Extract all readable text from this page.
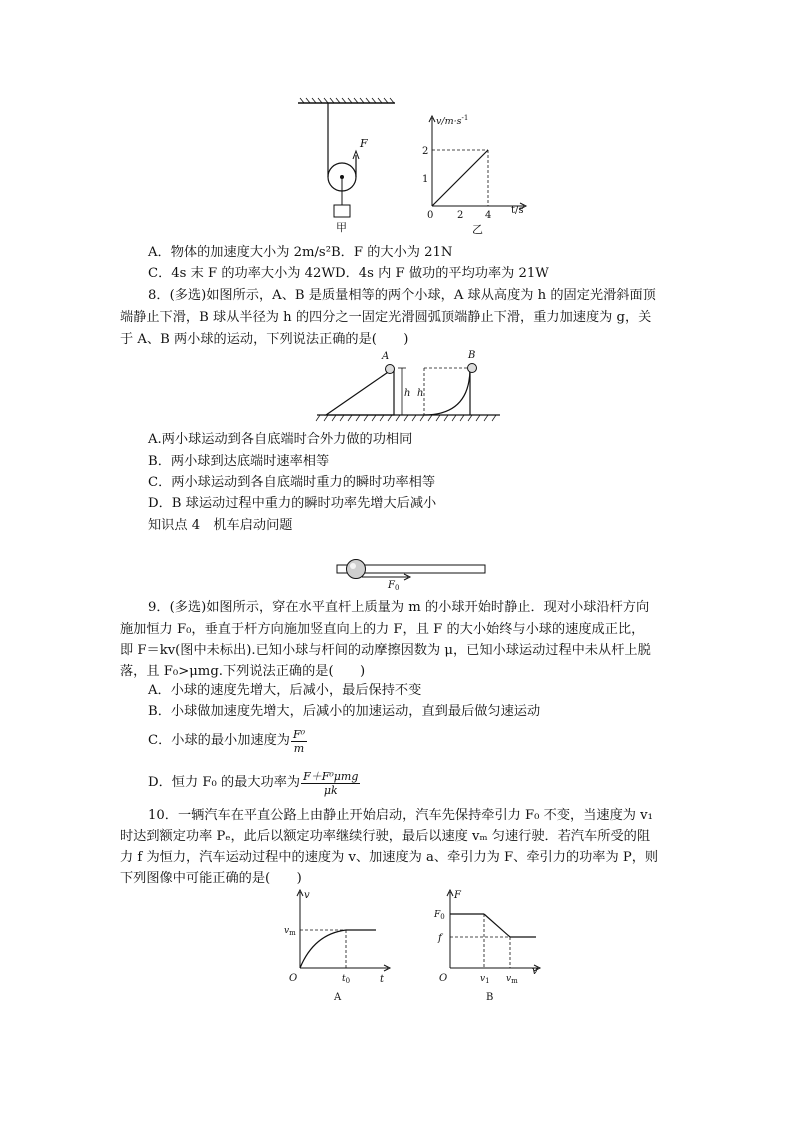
F
甲
$v/m\cdot s^{-1}$
t/s
0 2 4
1
2
乙
A．物体的加速度大小为 2m/s²B．F 的大小为 21N
C．4s 末 F 的功率大小为 42WD．4s 内 F 做功的平均功率为 21W
8．(多选)如图所示，A、B 是质量相等的两个小球，A 球从高度为 h 的固定光滑斜面顶
端静止下滑，B 球从半径为 h 的四分之一固定光滑圆弧顶端静止下滑，重力加速度为 g，关
于 A、B 两小球的运动，下列说法正确的是(　　)
A
h h
B
A.两小球运动到各自底端时合外力做的功相同
B．两小球到达底端时速率相等
C．两小球运动到各自底端时重力的瞬时功率相等
D．B 球运动过程中重力的瞬时功率先增大后减小
知识点 4　机车启动问题
$F_0$
9．(多选)如图所示，穿在水平直杆上质量为 m 的小球开始时静止．现对小球沿杆方向
施加恒力 F₀，垂直于杆方向施加竖直向上的力 F，且 F 的大小始终与小球的速度成正比，
即 F＝kv(图中未标出).已知小球与杆间的动摩擦因数为 μ，已知小球运动过程中未从杆上脱
落，且 F₀>μmg.下列说法正确的是(　　)
A．小球的速度先增大，后减小，最后保持不变
B．小球做加速度先增大，后减小的加速运动，直到最后做匀速运动
C．小球的最小加速度为 $\frac{\text{F⁰}}{m}$
D．恒力 F₀ 的最大功率为 $\frac{\text{F＋F⁰μmg}}{\mu k}$
10．一辆汽车在平直公路上由静止开始启动，汽车先保持牵引力 F₀ 不变，当速度为 v₁
时达到额定功率 Pₑ，此后以额定功率继续行驶，最后以速度 vₘ 匀速行驶．若汽车所受的阻
力 f 为恒力，汽车运动过程中的速度为 v、加速度为 a、牵引力为 F、牵引力的功率为 P，则
下列图像中可能正确的是(　　)
v
t
O
$v_m$
$t_0$
A
F
v
O
$F_0$
f
$v_1$ $v_m$
B
